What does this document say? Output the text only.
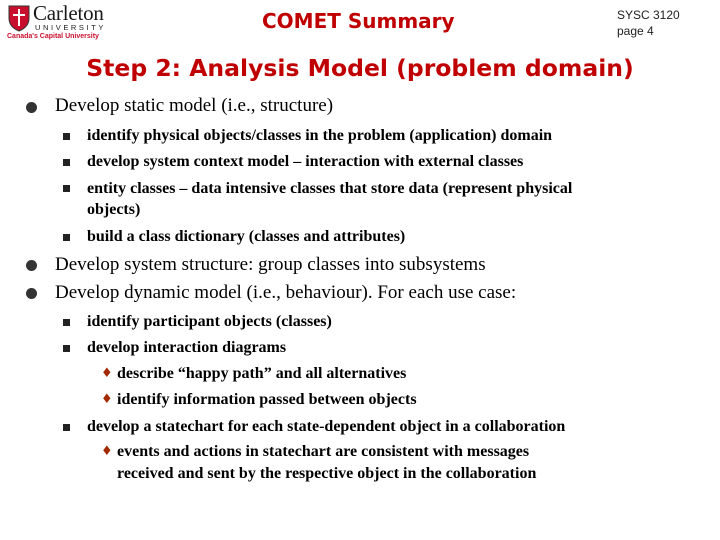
Carleton
UNIVERSITY
Canada's Capital University
COMET Summary	SYSC 3120
page 4
Step 2: Analysis Model (problem domain)
♦
♦
♦
Develop static model (i.e., structure)
identify physical objects/classes in the problem (application) domain
develop system context model – interaction with external classes
entity classes – data intensive classes that store data (represent physical
objects)
build a class dictionary (classes and attributes)
Develop system structure: group classes into subsystems
Develop dynamic model (i.e., behaviour). For each use case:
identify participant objects (classes)
develop interaction diagrams
describe “happy path” and all alternatives
identify information passed between objects
develop a statechart for each state-dependent object in a collaboration
events and actions in statechart are consistent with messages
received and sent by the respective object in the collaboration
